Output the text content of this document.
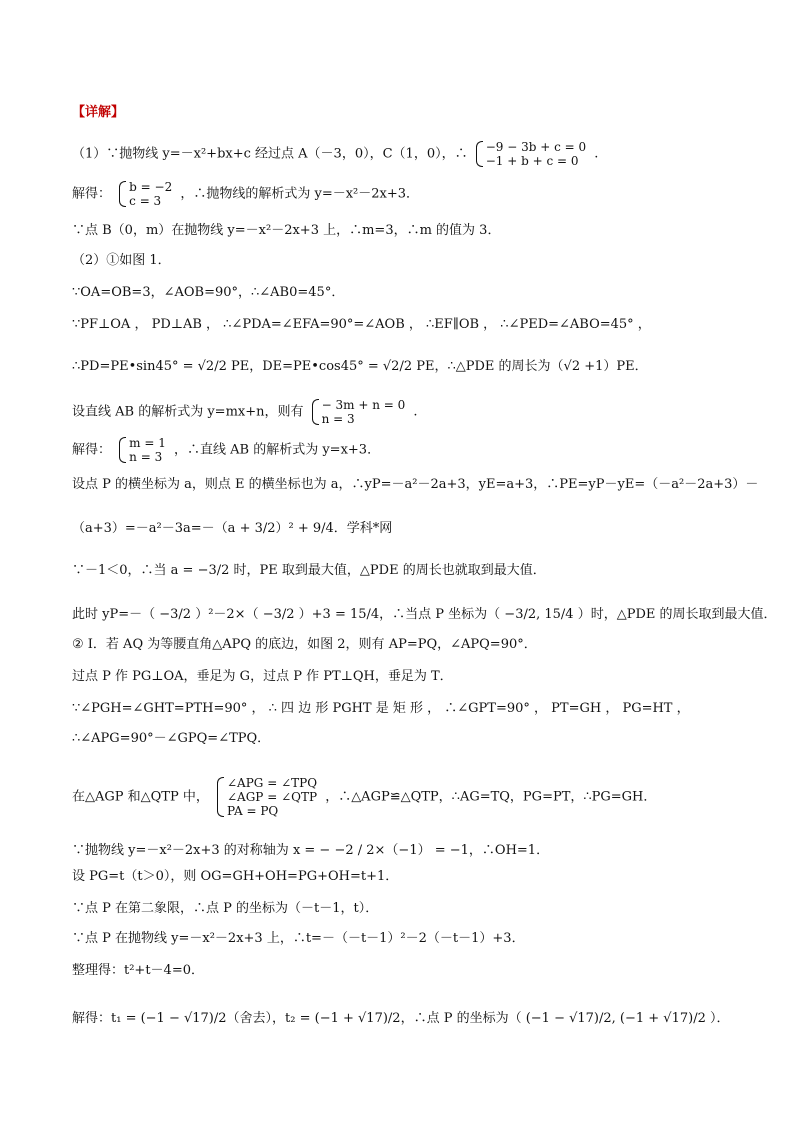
【详解】
（1）∵抛物线 y=－x²+bx+c 经过点 A（－3，0），C（1，0），∴ −9 − 3b + c = 0
−1 + b + c = 0	.
解得： b = −2
c = 3	，∴抛物线的解析式为 y=－x²－2x+3．
∵点 B（0，m）在抛物线 y=－x²－2x+3 上，∴m=3，∴m 的值为 3．
（2）①如图 1．
∵OA=OB=3，∠AOB=90°，∴∠AB0=45°．
∵PF⊥OA ， PD⊥AB ， ∴∠PDA=∠EFA=90°=∠AOB ， ∴EF∥OB ， ∴∠PED=∠ABO=45° ，
∴PD=PE•sin45° = √2/2 PE，DE=PE•cos45° = √2/2 PE，∴△PDE 的周长为（√2 +1）PE．
设直线 AB 的解析式为 y=mx+n，则有 − 3m + n = 0
n = 3	.
解得： m = 1
n = 3 ，∴直线 AB 的解析式为 y=x+3．
设点 P 的横坐标为 a，则点 E 的横坐标也为 a，∴yP=－a²－2a+3，yE=a+3，∴PE=yP－yE=（－a²－2a+3）－
（a+3）=－a²－3a=－（a + 3/2）² + 9/4．学科*网
∵－1＜0，∴当 a = −3/2 时，PE 取到最大值，△PDE 的周长也就取到最大值．
此时 yP=－（ −3/2 ）²－2×（ −3/2 ）+3 = 15/4，∴当点 P 坐标为（ −3/2, 15/4 ）时，△PDE 的周长取到最大值．
② I．若 AQ 为等腰直角△APQ 的底边，如图 2，则有 AP=PQ，∠APQ=90°．
过点 P 作 PG⊥OA，垂足为 G，过点 P 作 PT⊥QH，垂足为 T．
∵∠PGH=∠GHT=PTH=90° ， ∴ 四 边 形 PGHT 是 矩 形 ， ∴∠GPT=90° ， PT=GH ， PG=HT ，
∴∠APG=90°－∠GPQ=∠TPQ．
在△AGP 和△QTP 中，
∠APG = ∠TPQ
∠AGP = ∠QTP
PA = PQ
，∴△AGP≌△QTP，∴AG=TQ，PG=PT，∴PG=GH．
∵抛物线 y=－x²－2x+3 的对称轴为 x = − −2 / 2×（−1） = −1，∴OH=1．
设 PG=t（t＞0），则 OG=GH+OH=PG+OH=t+1．
∵点 P 在第二象限，∴点 P 的坐标为（－t－1，t）．
∵点 P 在抛物线 y=－x²－2x+3 上，∴t=－（－t－1）²－2（－t－1）+3．
整理得：t²+t－4=0．
解得：t₁ = (−1 − √17)/2（舍去），t₂ = (−1 + √17)/2，∴点 P 的坐标为（ (−1 − √17)/2, (−1 + √17)/2 ）．
